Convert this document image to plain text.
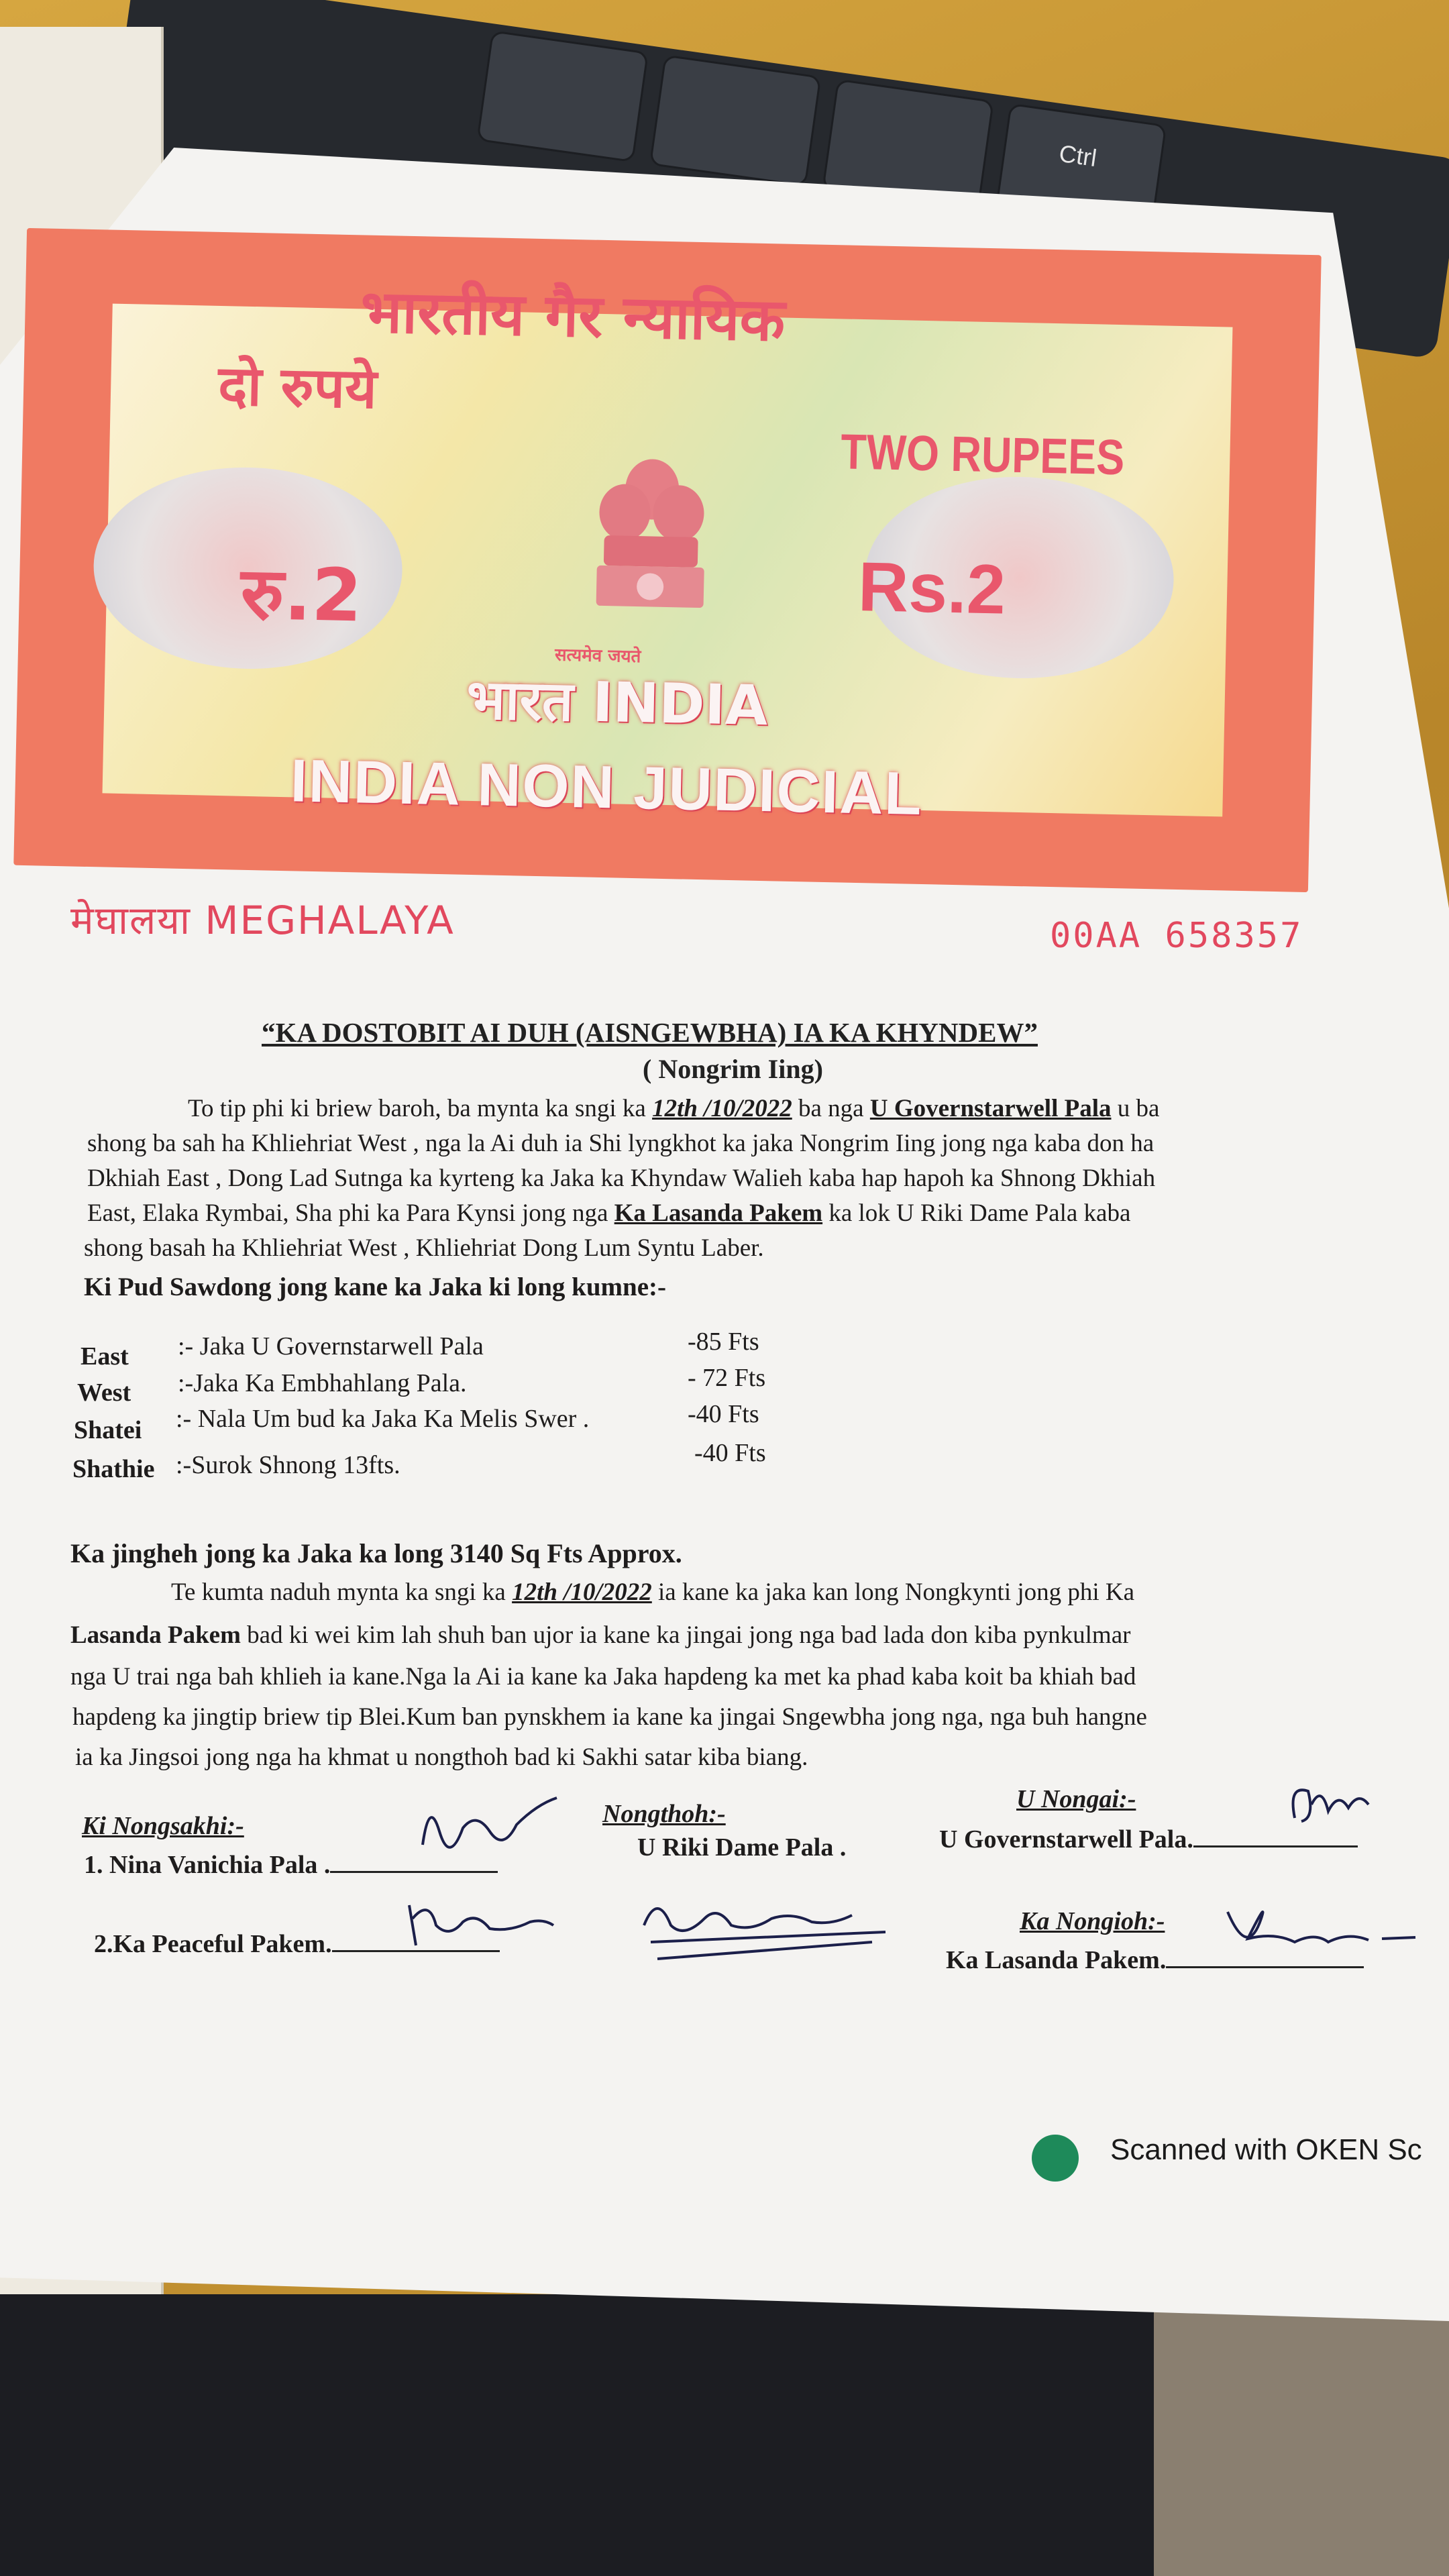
Ctrl
सत्यमेव जयते
भारतीय गैर न्यायिक
दो रुपये
TWO RUPEES
रु.2	Rs.2
भारत INDIA
INDIA NON JUDICIAL
मेघालया MEGHALAYA	00AA 658357
“KA DOSTOBIT AI DUH (AISNGEWBHA) IA KA KHYNDEW”
( Nongrim Iing)
To tip phi ki briew baroh, ba mynta ka sngi ka 12th /10/2022 ba nga U Governstarwell Pala u ba
shong ba sah ha Khliehriat West , nga la Ai duh ia Shi lyngkhot ka jaka Nongrim Iing jong nga kaba don ha
Dkhiah East , Dong Lad Sutnga ka kyrteng ka Jaka ka Khyndaw Walieh kaba hap hapoh ka Shnong Dkhiah
East, Elaka Rymbai, Sha phi ka Para Kynsi jong nga Ka Lasanda Pakem ka lok U Riki Dame Pala kaba
shong basah ha Khliehriat West , Khliehriat Dong Lum Syntu Laber.
Ki Pud Sawdong jong kane ka Jaka ki long kumne:-
East :- Jaka U Governstarwell Pala	-85 Fts
West :-Jaka Ka Embhahlang Pala.	- 72 Fts
Shatei :- Nala Um bud ka Jaka Ka Melis Swer .	-40 Fts
Shathie :-Surok Shnong 13fts.	-40 Fts
Ka jingheh jong ka Jaka ka long 3140 Sq Fts Approx.
Te kumta naduh mynta ka sngi ka 12th /10/2022 ia kane ka jaka kan long Nongkynti jong phi Ka
Lasanda Pakem bad ki wei kim lah shuh ban ujor ia kane ka jingai jong nga bad lada don kiba pynkulmar
nga U trai nga bah khlieh ia kane.Nga la Ai ia kane ka Jaka hapdeng ka met ka phad kaba koit ba khiah bad
hapdeng ka jingtip briew tip Blei.Kum ban pynskhem ia kane ka jingai Sngewbha jong nga, nga buh hangne
ia ka Jingsoi jong nga ha khmat u nongthoh bad ki Sakhi satar kiba biang.
Ki Nongsakhi:-
1. Nina Vanichia Pala .
2.Ka Peaceful Pakem.
Nongthoh:-
U Riki Dame Pala .
U Nongai:-
U Governstarwell Pala.
Ka Nongioh:-
Ka Lasanda Pakem.
Scanned with OKEN Sc
